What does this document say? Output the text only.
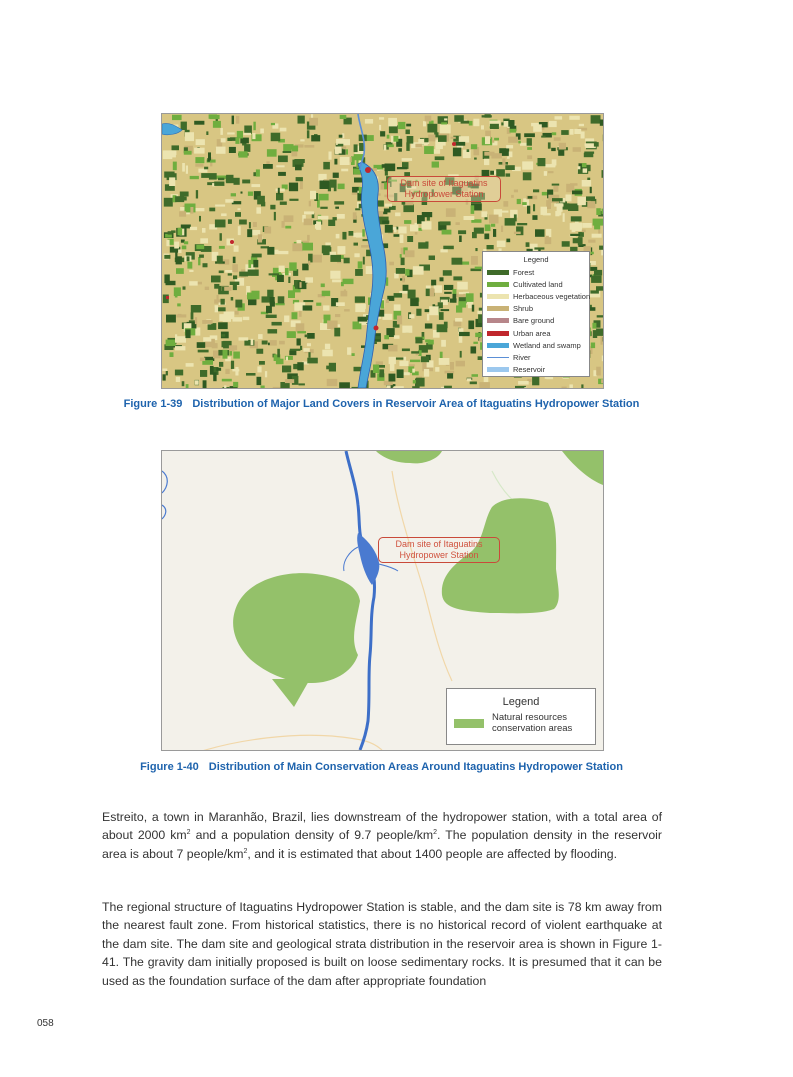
Dam site of Itaguatins Hydropower Station
Legend
Forest
Cultivated land
Herbaceous vegetation
Shrub
Bare ground
Urban area
Wetland and swamp
River
Reservoir
Figure 1-39 Distribution of Major Land Covers in Reservoir Area of Itaguatins Hydropower Station
Dam site of Itaguatins Hydropower Station
Legend
Natural resources conservation areas
Figure 1-40 Distribution of Main Conservation Areas Around Itaguatins Hydropower Station

Estreito, a town in Maranhão, Brazil, lies downstream of the hydropower station, with a total area of about 2000 $km^2$ and a population density of 9.7 people/$km^2$. The population density in the reservoir area is about 7 people/$km^2$, and it is estimated that about 1400 people are affected by flooding.

The regional structure of Itaguatins Hydropower Station is stable, and the dam site is 78 km away from the nearest fault zone. From historical statistics, there is no historical record of violent earthquake at the dam site. The dam site and geological strata distribution in the reservoir area is shown in Figure 1-41. The gravity dam initially proposed is built on loose sedimentary rocks. It is presumed that it can be used as the foundation surface of the dam after appropriate foundation

058
